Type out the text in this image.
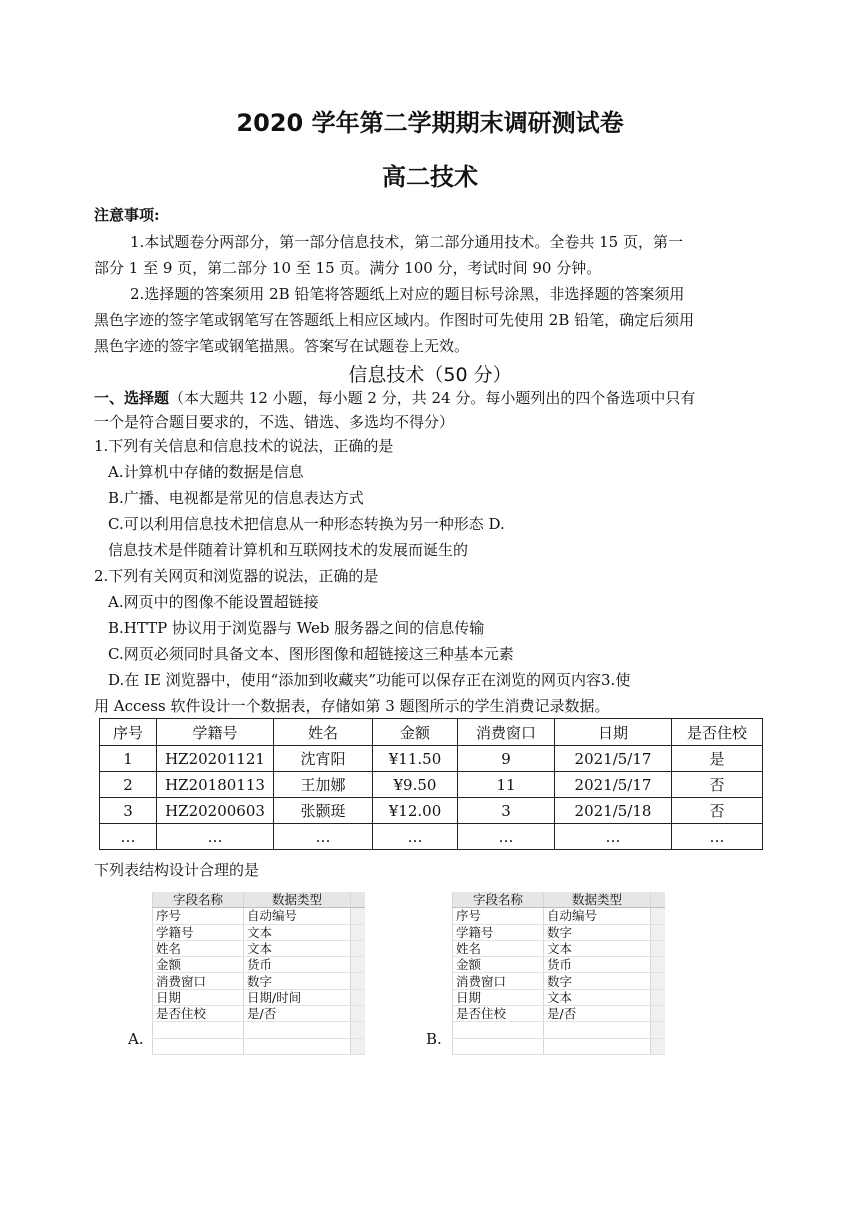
2020 学年第二学期期末调研测试卷
高二技术
注意事项:
1.本试题卷分两部分，第一部分信息技术，第二部分通用技术。全卷共 15 页，第一
部分 1 至 9 页，第二部分 10 至 15 页。满分 100 分，考试时间 90 分钟。
2.选择题的答案须用 2B 铅笔将答题纸上对应的题目标号涂黑，非选择题的答案须用
黑色字迹的签字笔或钢笔写在答题纸上相应区域内。作图时可先使用 2B 铅笔，确定后须用
黑色字迹的签字笔或钢笔描黑。答案写在试题卷上无效。
信息技术（50 分）
一、选择题（本大题共 12 小题，每小题 2 分，共 24 分。每小题列出的四个备选项中只有
一个是符合题目要求的，不选、错选、多选均不得分）
1.下列有关信息和信息技术的说法，正确的是
A.计算机中存储的数据是信息
B.广播、电视都是常见的信息表达方式
C.可以利用信息技术把信息从一种形态转换为另一种形态 D.
信息技术是伴随着计算机和互联网技术的发展而诞生的
2.下列有关网页和浏览器的说法，正确的是
A.网页中的图像不能设置超链接
B.HTTP 协议用于浏览器与 Web 服务器之间的信息传输
C.网页必须同时具备文本、图形图像和超链接这三种基本元素
D.在 IE 浏览器中，使用“添加到收藏夹”功能可以保存正在浏览的网页内容3.使
用 Access 软件设计一个数据表，存储如第 3 题图所示的学生消费记录数据。
序号	学籍号	姓名	金额	消费窗口	日期	是否住校
1	HZ20201121	沈宵阳	¥11.50	9	2021/5/17	是
2	HZ20180113	王加娜	¥9.50	11	2021/5/17	否
3	HZ20200603	张颢珽	¥12.00	3	2021/5/18	否
…	…	…	…	…	…	…
下列表结构设计合理的是
字段名称	数据类型	
序号	自动编号	
学籍号	文本	
姓名	文本	
金额	货币	
消费窗口	数字	
日期	日期/时间	
是否住校	是/否	

A.
字段名称	数据类型	
序号	自动编号	
学籍号	数字	
姓名	文本	
金额	货币	
消费窗口	数字	
日期	文本	
是否住校	是/否	

B.
